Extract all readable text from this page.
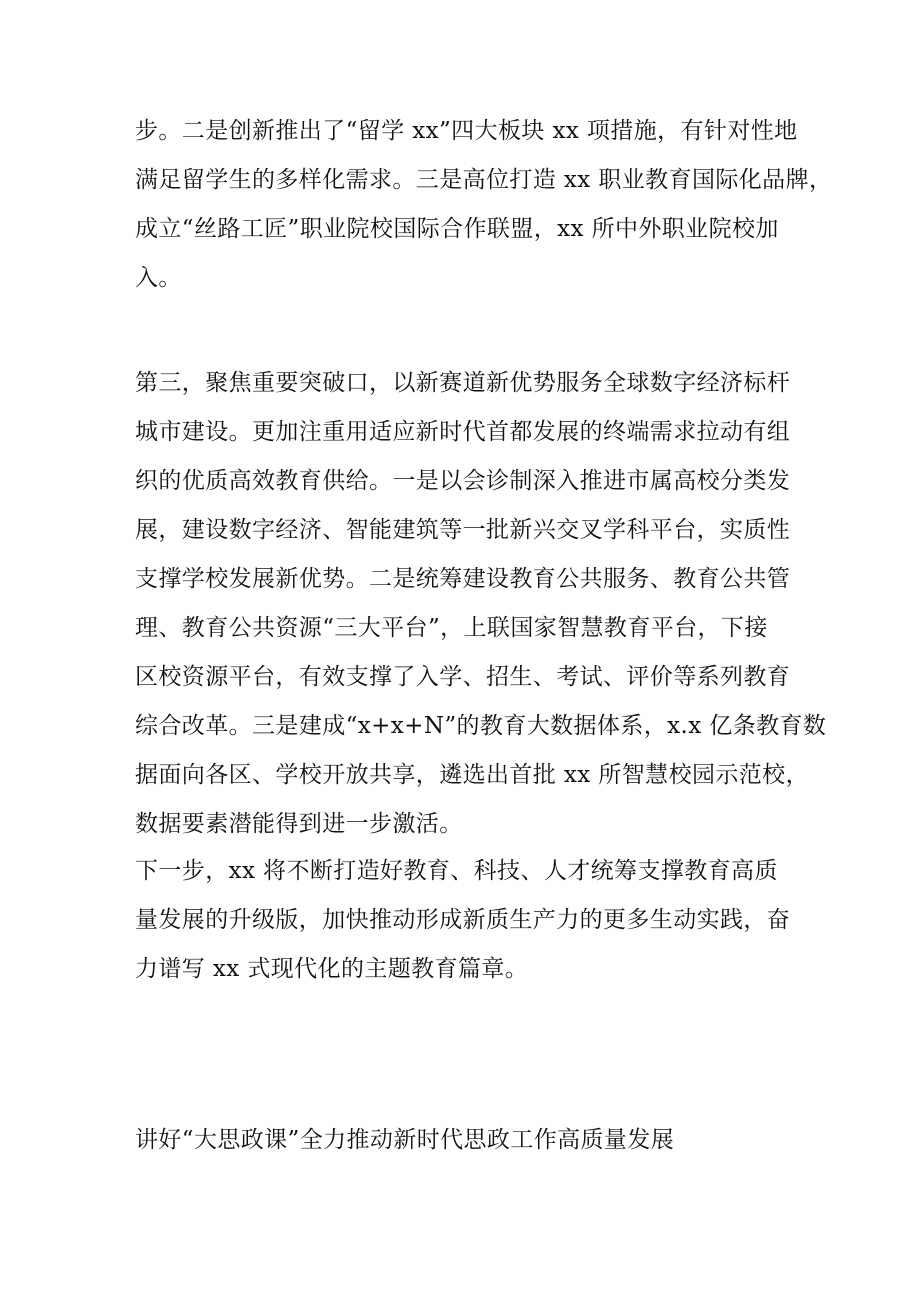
步。二是创新推出了“留学 xx”四大板块 xx 项措施，有针对性地
满足留学生的多样化需求。三是高位打造 xx 职业教育国际化品牌，
成立“丝路工匠”职业院校国际合作联盟，xx 所中外职业院校加
入。
第三，聚焦重要突破口，以新赛道新优势服务全球数字经济标杆
城市建设。更加注重用适应新时代首都发展的终端需求拉动有组
织的优质高效教育供给。一是以会诊制深入推进市属高校分类发
展，建设数字经济、智能建筑等一批新兴交叉学科平台，实质性
支撑学校发展新优势。二是统筹建设教育公共服务、教育公共管
理、教育公共资源“三大平台”，上联国家智慧教育平台，下接
区校资源平台，有效支撑了入学、招生、考试、评价等系列教育
综合改革。三是建成“x+x+N”的教育大数据体系，x.x 亿条教育数
据面向各区、学校开放共享，遴选出首批 xx 所智慧校园示范校，
数据要素潜能得到进一步激活。
下一步，xx 将不断打造好教育、科技、人才统筹支撑教育高质
量发展的升级版，加快推动形成新质生产力的更多生动实践，奋
力谱写 xx 式现代化的主题教育篇章。
讲好“大思政课”全力推动新时代思政工作高质量发展
